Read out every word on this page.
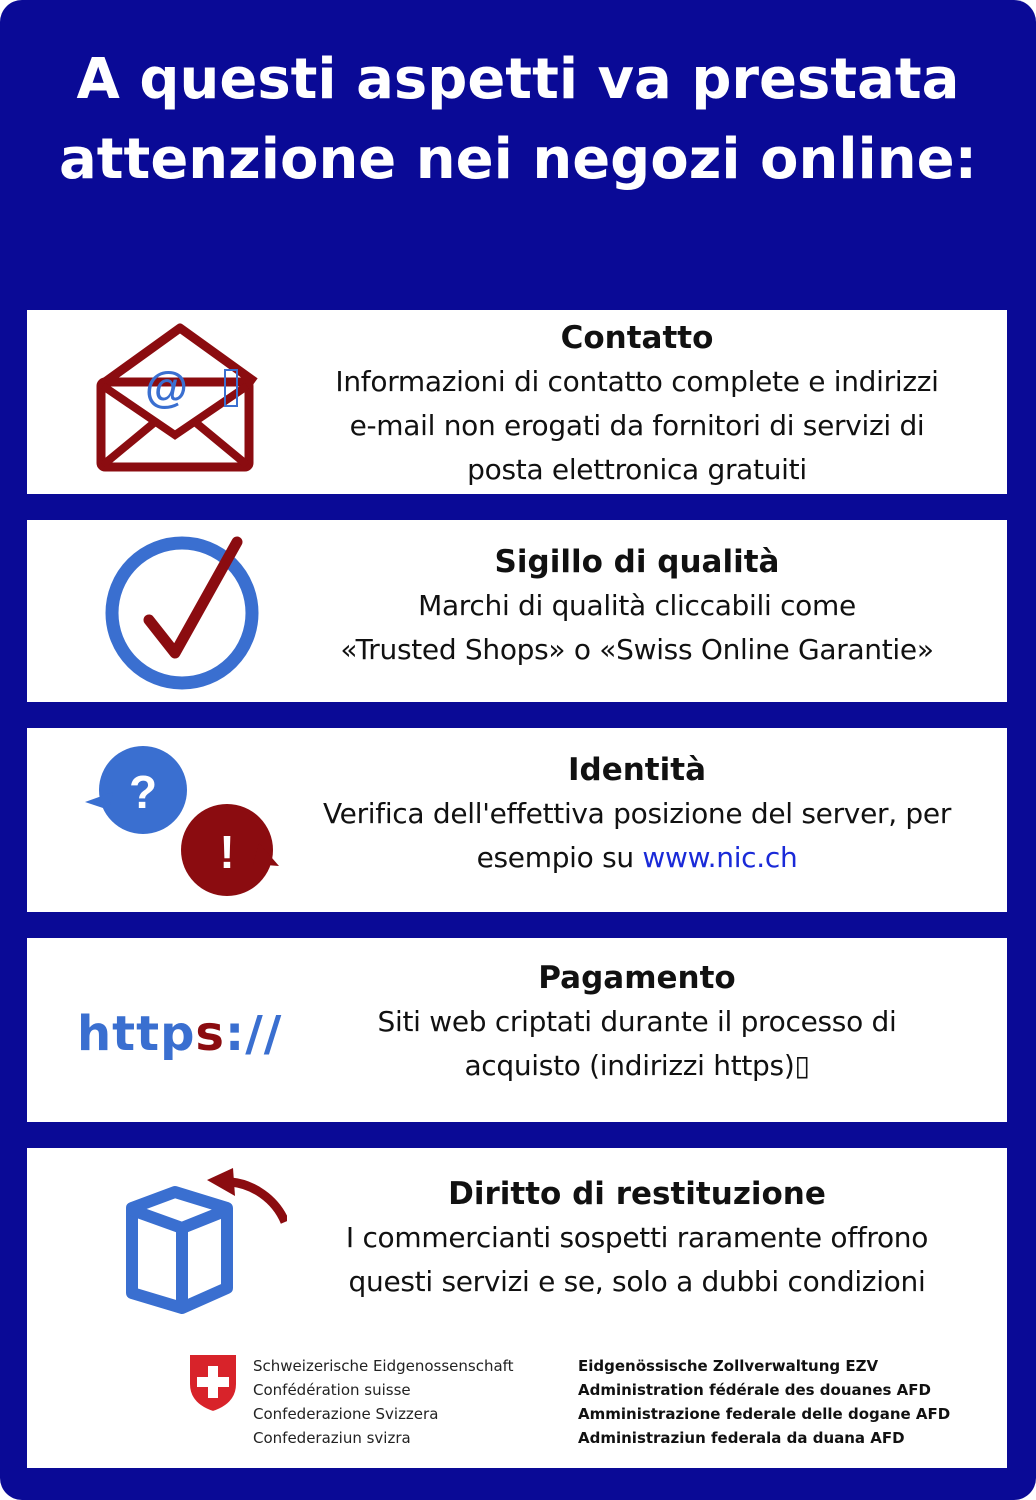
A questi aspetti va prestata attenzione nei negozi online:
@
Contatto

Informazioni di contatto complete e indirizzi

e-mail non erogati da fornitori di servizi di

posta elettronica gratuiti

Sigillo di qualità

Marchi di qualità cliccabili come

«Trusted Shops» o «Swiss Online Garantie»

?
!
Identità

Verifica dell'effettiva posizione del server, per

esempio su www.nic.ch

https://
Pagamento

Siti web criptati durante il processo di

acquisto (indirizzi https)▯

Diritto di restituzione

I commercianti sospetti raramente offrono

questi servizi e se, solo a dubbi condizioni

Schweizerische Eidgenossenschaft
Confédération suisse
Confederazione Svizzera
Confederaziun svizra
Eidgenössische Zollverwaltung EZV
Administration fédérale des douanes AFD
Amministrazione federale delle dogane AFD
Administraziun federala da duana AFD
